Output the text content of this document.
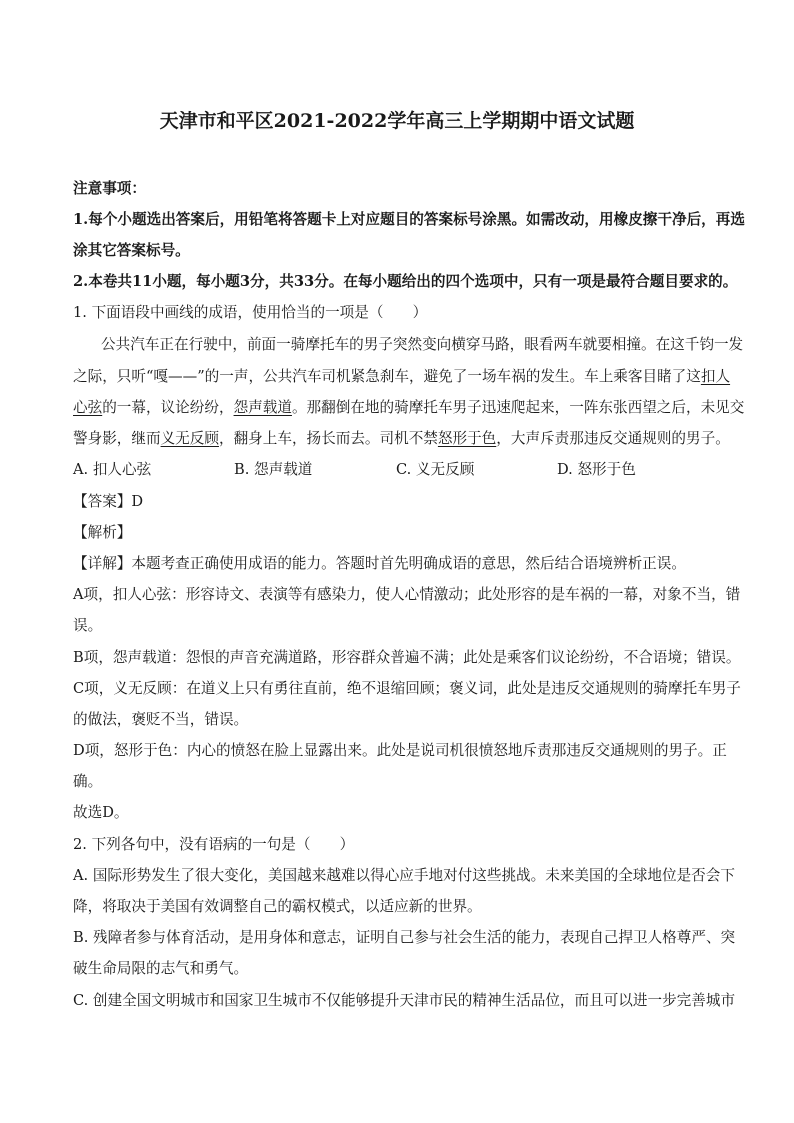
天津市和平区2021-2022学年高三上学期期中语文试题
注意事项：
1.每个小题选出答案后，用铅笔将答题卡上对应题目的答案标号涂黑。如需改动，用橡皮擦干净后，再选
涂其它答案标号。
2.本卷共11小题，每小题3分，共33分。在每小题给出的四个选项中，只有一项是最符合题目要求的。
1. 下面语段中画线的成语，使用恰当的一项是（　　）
公共汽车正在行驶中，前面一骑摩托车的男子突然变向横穿马路，眼看两车就要相撞。在这千钧一发
之际，只听“嘎——”的一声，公共汽车司机紧急刹车，避免了一场车祸的发生。车上乘客目睹了这扣人
心弦的一幕，议论纷纷，怨声载道。那翻倒在地的骑摩托车男子迅速爬起来，一阵东张西望之后，未见交
警身影，继而义无反顾，翻身上车，扬长而去。司机不禁怒形于色，大声斥责那违反交通规则的男子。
A. 扣人心弦	B. 怨声载道	C. 义无反顾	D. 怒形于色
【答案】D
【解析】
【详解】本题考查正确使用成语的能力。答题时首先明确成语的意思，然后结合语境辨析正误。
A项，扣人心弦：形容诗文、表演等有感染力，使人心情激动；此处形容的是车祸的一幕，对象不当，错
误。
B项，怨声载道：怨恨的声音充满道路，形容群众普遍不满；此处是乘客们议论纷纷，不合语境；错误。
C项，义无反顾：在道义上只有勇往直前，绝不退缩回顾；褒义词，此处是违反交通规则的骑摩托车男子
的做法，褒贬不当，错误。
D项，怒形于色：内心的愤怒在脸上显露出来。此处是说司机很愤怒地斥责那违反交通规则的男子。正
确。
故选D。
2. 下列各句中，没有语病的一句是（　　）
A. 国际形势发生了很大变化，美国越来越难以得心应手地对付这些挑战。未来美国的全球地位是否会下
降，将取决于美国有效调整自己的霸权模式，以适应新的世界。
B. 残障者参与体育活动，是用身体和意志，证明自己参与社会生活的能力，表现自己捍卫人格尊严、突
破生命局限的志气和勇气。
C. 创建全国文明城市和国家卫生城市不仅能够提升天津市民的精神生活品位，而且可以进一步完善城市
